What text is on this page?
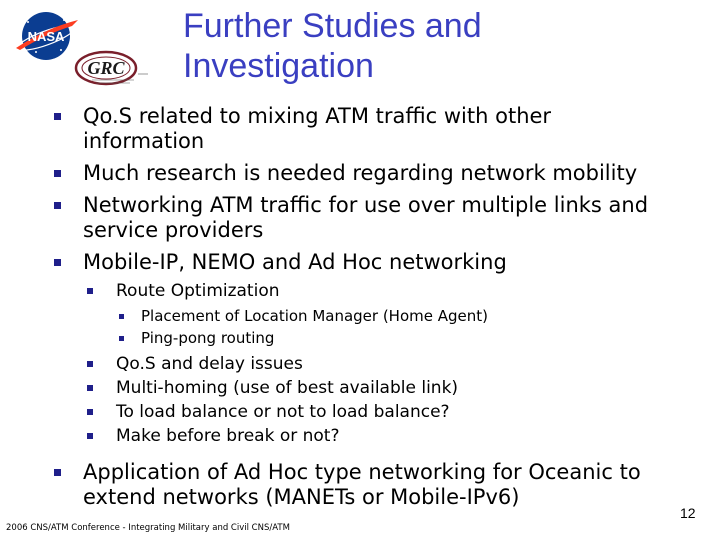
NASA
GRC
Further Studies and
Investigation
Qo.S related to mixing ATM traffic with other
information
Much research is needed regarding network mobility
Networking ATM traffic for use over multiple links and
service providers
Mobile-IP, NEMO and Ad Hoc networking
Route Optimization
Placement of Location Manager (Home Agent)
Ping-pong routing
Qo.S and delay issues
Multi-homing (use of best available link)
To load balance or not to load balance?
Make before break or not?
Application of Ad Hoc type networking for Oceanic to
extend networks (MANETs or Mobile-IPv6)
2006 CNS/ATM Conference - Integrating Military and Civil CNS/ATM
12
